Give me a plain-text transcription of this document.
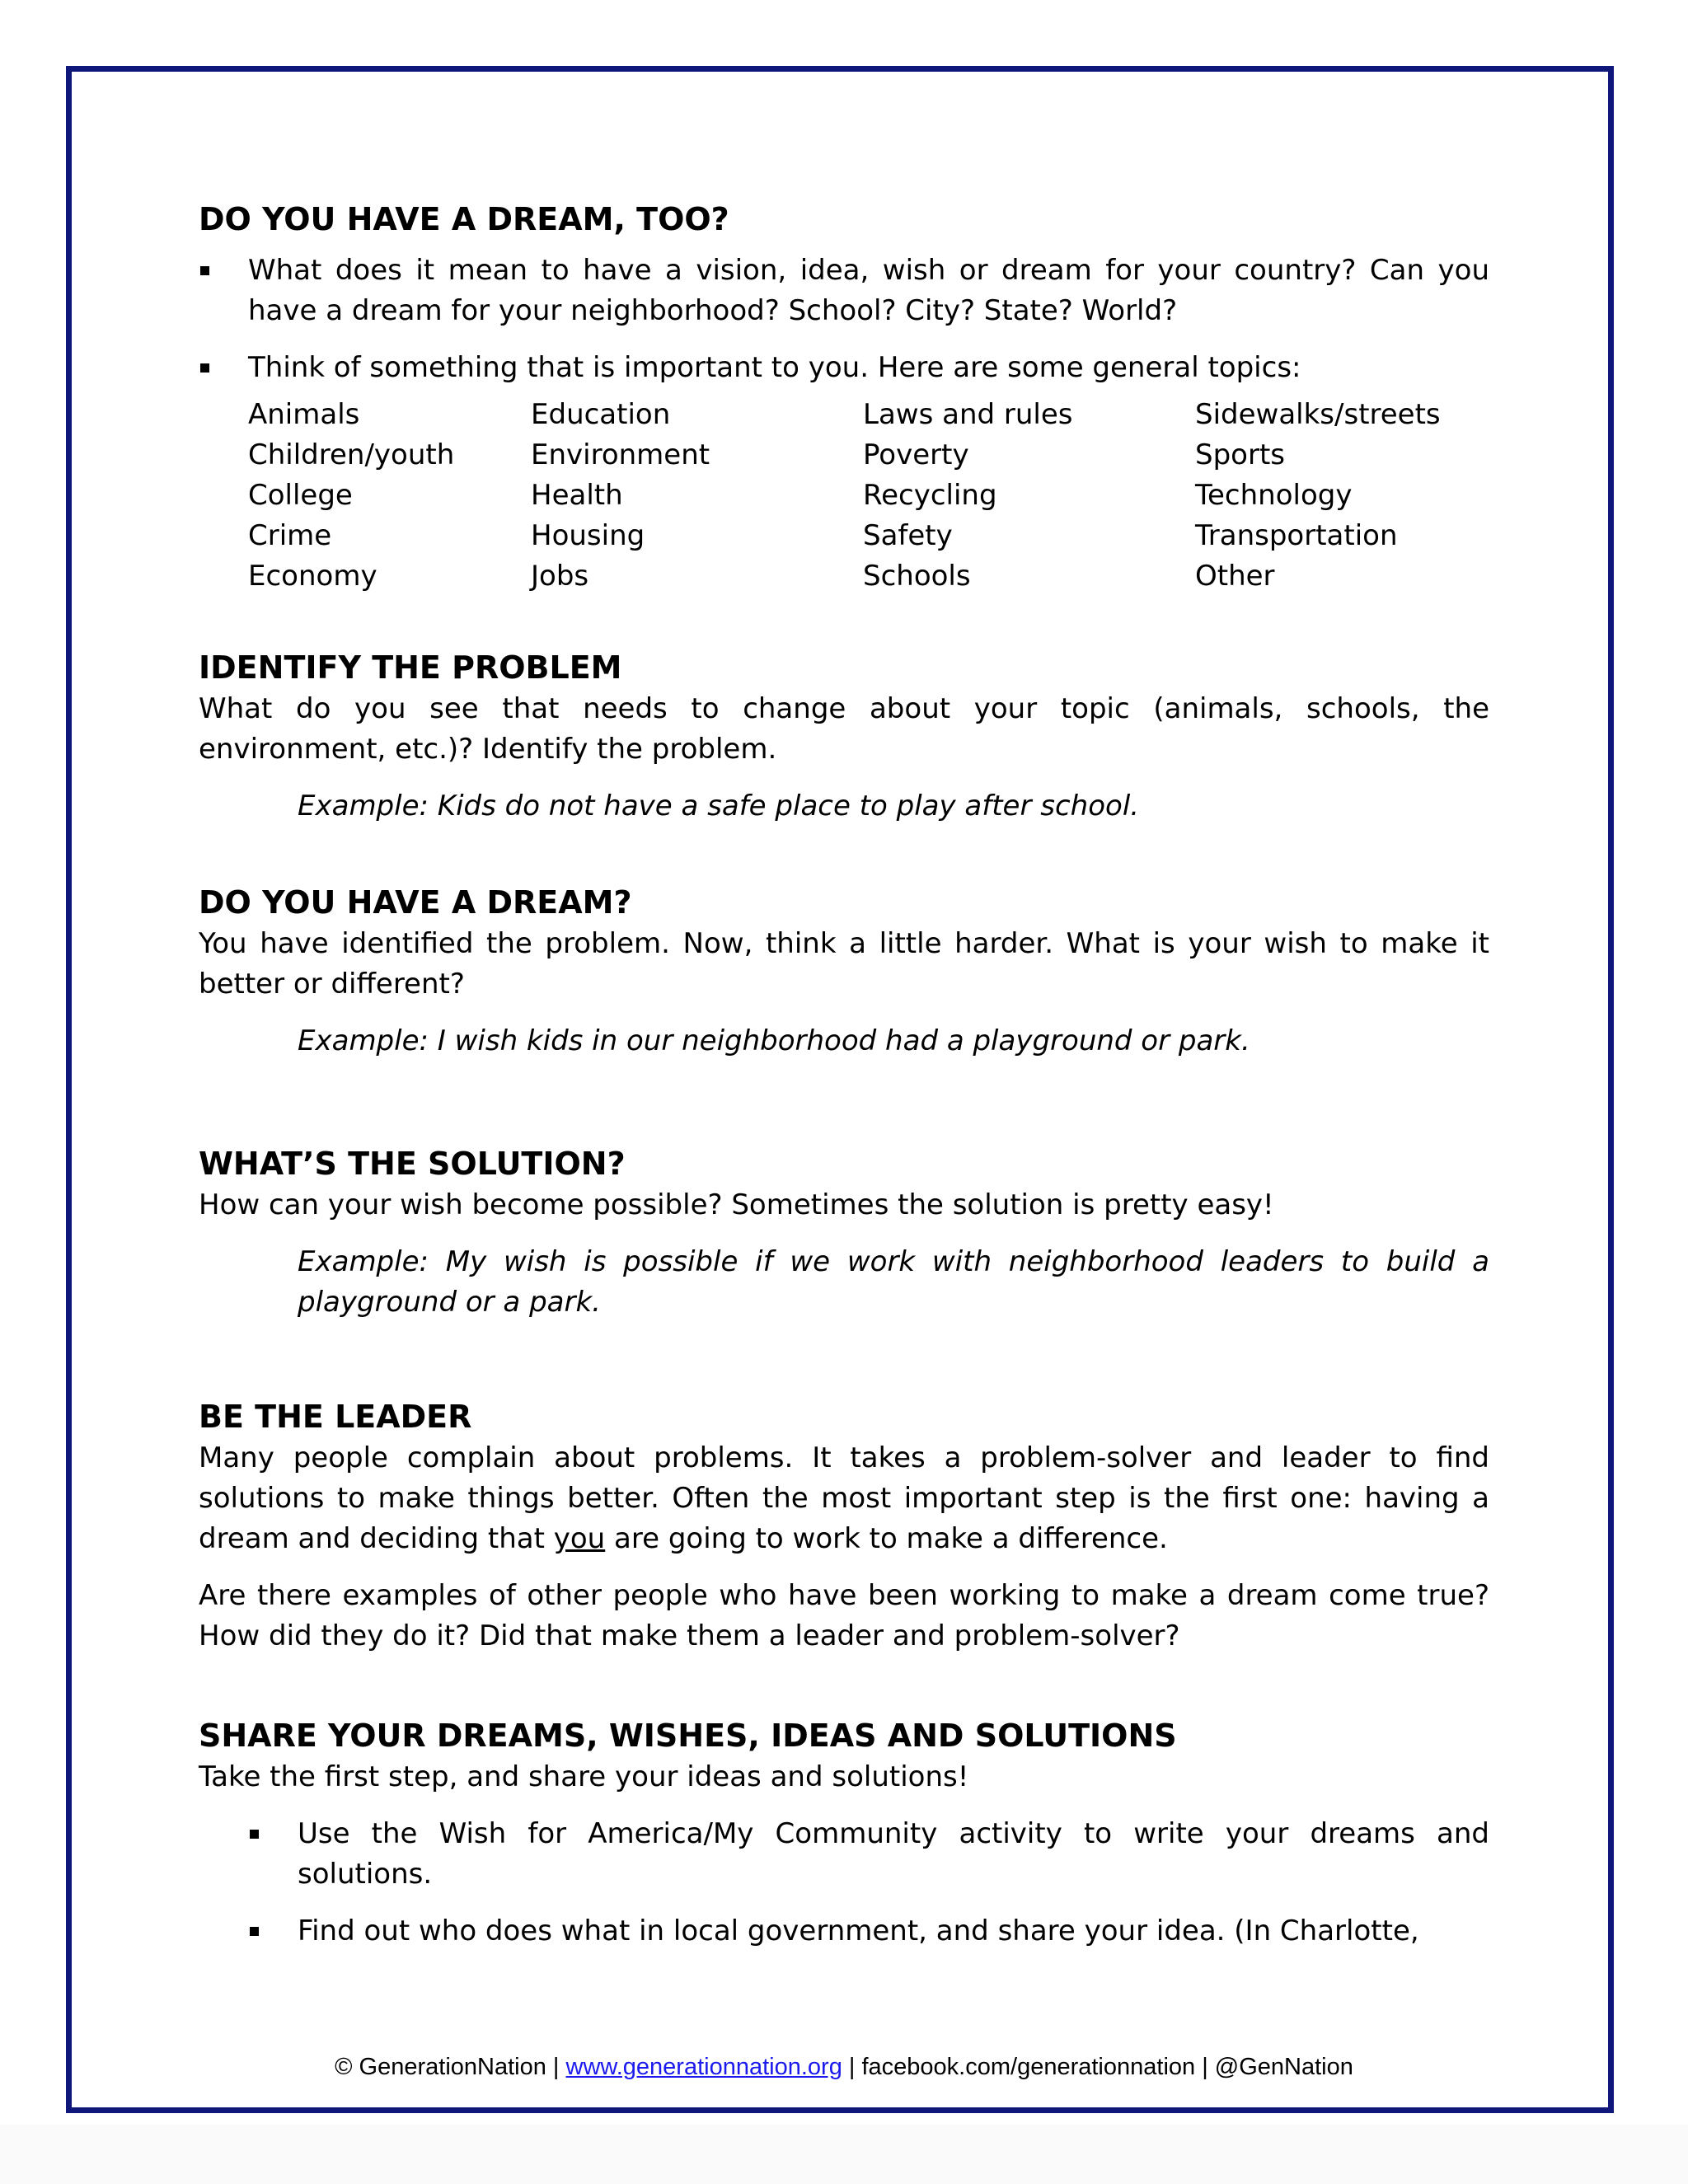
DO YOU HAVE A DREAM, TOO?
What does it mean to have a vision, idea, wish or dream for your country? Can you have a dream for your neighborhood? School? City? State? World?
Think of something that is important to you. Here are some general topics:
Animals	Education	Laws and rules	Sidewalks/streets
Children/youth	Environment	Poverty	Sports
College	Health	Recycling	Technology
Crime	Housing	Safety	Transportation
Economy	Jobs	Schools	Other
IDENTIFY THE PROBLEM

What do you see that needs to change about your topic (animals, schools, the environment, etc.)? Identify the problem.

Example: Kids do not have a safe place to play after school.

DO YOU HAVE A DREAM?

You have identified the problem. Now, think a little harder. What is your wish to make it better or different?

Example: I wish kids in our neighborhood had a playground or park.

WHAT’S THE SOLUTION?

How can your wish become possible? Sometimes the solution is pretty easy!

Example: My wish is possible if we work with neighborhood leaders to build a playground or a park.

BE THE LEADER

Many people complain about problems. It takes a problem-solver and leader to find solutions to make things better. Often the most important step is the first one: having a dream and deciding that you are going to work to make a difference.

Are there examples of other people who have been working to make a dream come true? How did they do it? Did that make them a leader and problem-solver?

SHARE YOUR DREAMS, WISHES, IDEAS AND SOLUTIONS

Take the first step, and share your ideas and solutions!

Use the Wish for America/My Community activity to write your dreams and solutions.
Find out who does what in local government, and share your idea. (In Charlotte,
© GenerationNation | www.generationnation.org | facebook.com/generationnation | @GenNation
